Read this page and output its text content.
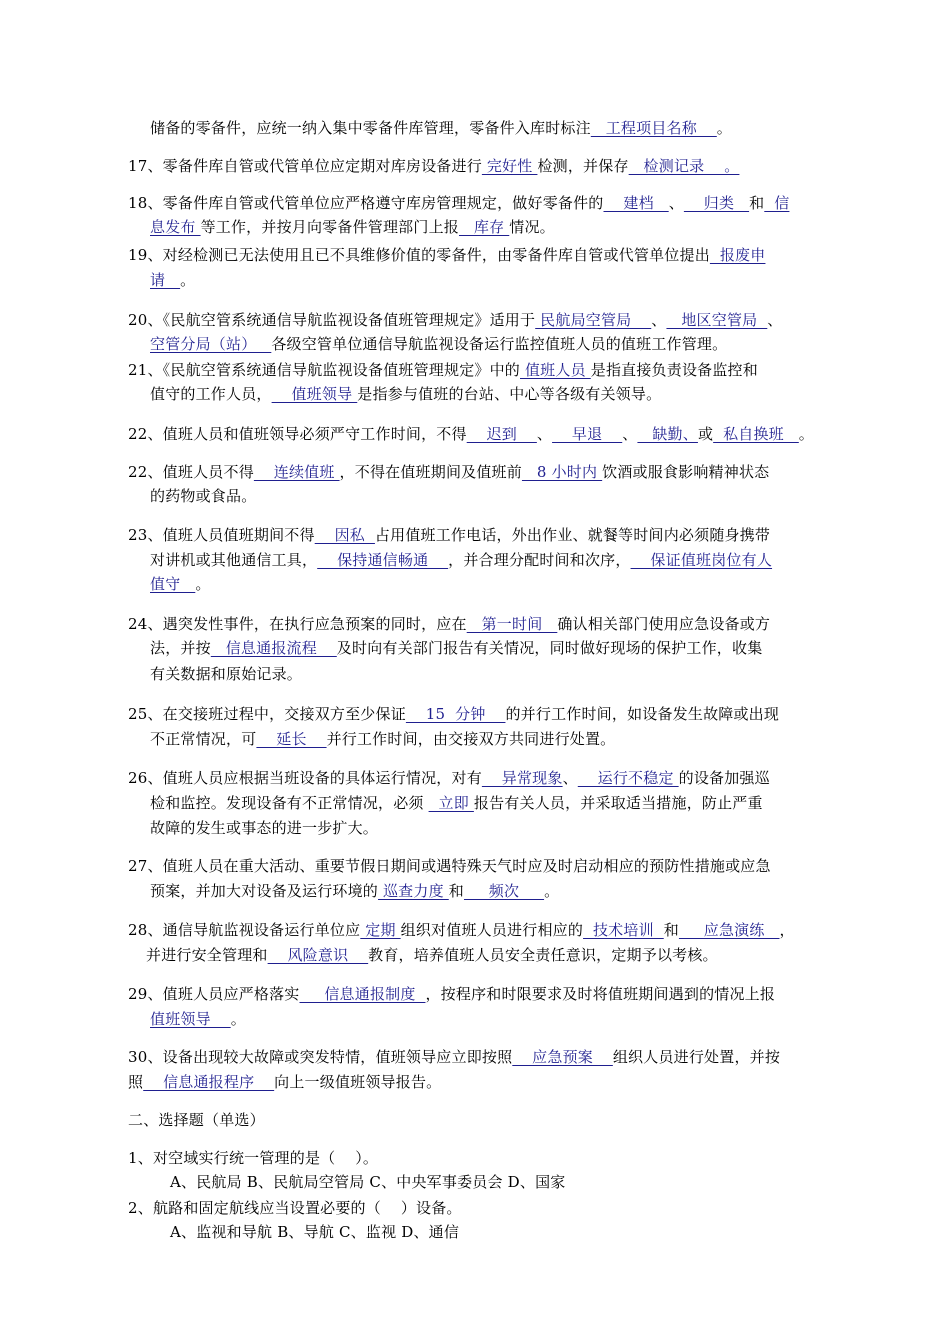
储备的零备件，应统一纳入集中零备件库管理，零备件入库时标注   工程项目名称    。
17、零备件库自管或代管单位应定期对库房设备进行 完好性 检测，并保存   检测记录    。
18、零备件库自管或代管单位应严格遵守库房管理规定，做好零备件的    建档   、    归类   和  信
息发布 等工作，并按月向零备件管理部门上报   库存 情况。
19、对经检测已无法使用且已不具维修价值的零备件，由零备件库自管或代管单位提出  报废申
请   。
20、《民航空管系统通信导航监视设备值班管理规定》适用于 民航局空管局    、   地区空管局  、
空管分局（站）   各级空管单位通信导航监视设备运行监控值班人员的值班工作管理。
21、《民航空管系统通信导航监视设备值班管理规定》中的 值班人员 是指直接负责设备监控和
值守的工作人员，    值班领导 是指参与值班的台站、中心等各级有关领导。
22、值班人员和值班领导必须严守工作时间，不得    迟到    、    早退    、   缺勤、或  私自换班   。
22、值班人员不得    连续值班 ，不得在值班期间及值班前   8 小时内 饮酒或服食影响精神状态
的药物或食品。
23、值班人员值班期间不得    因私  占用值班工作电话，外出作业、就餐等时间内必须随身携带
对讲机或其他通信工具，    保持通信畅通    ，并合理分配时间和次序，    保证值班岗位有人
值守   。
24、遇突发性事件，在执行应急预案的同时，应在   第一时间   确认相关部门使用应急设备或方
法，并按   信息通报流程    及时向有关部门报告有关情况，同时做好现场的保护工作，收集
有关数据和原始记录。
25、在交接班过程中，交接双方至少保证    15  分钟    的并行工作时间，如设备发生故障或出现
不正常情况，可    延长    并行工作时间，由交接双方共同进行处置。
26、值班人员应根据当班设备的具体运行情况，对有    异常现象、    运行不稳定 的设备加强巡
检和监控。发现设备有不正常情况，必须   立即 报告有关人员，并采取适当措施，防止严重
故障的发生或事态的进一步扩大。
27、值班人员在重大活动、重要节假日期间或遇特殊天气时应及时启动相应的预防性措施或应急
预案，并加大对设备及运行环境的 巡查力度 和     频次     。
28、通信导航监视设备运行单位应 定期 组织对值班人员进行相应的  技术培训  和     应急演练   ，
并进行安全管理和    风险意识    教育，培养值班人员安全责任意识，定期予以考核。
29、值班人员应严格落实     信息通报制度  ，按程序和时限要求及时将值班期间遇到的情况上报
值班领导    。
30、设备出现较大故障或突发特情，值班领导应立即按照    应急预案    组织人员进行处置，并按
照    信息通报程序    向上一级值班领导报告。
二、选择题（单选）
1、对空域实行统一管理的是（    ）。
A、民航局 B、民航局空管局 C、中央军事委员会 D、国家
2、航路和固定航线应当设置必要的（    ）设备。
A、监视和导航 B、导航 C、监视 D、通信
